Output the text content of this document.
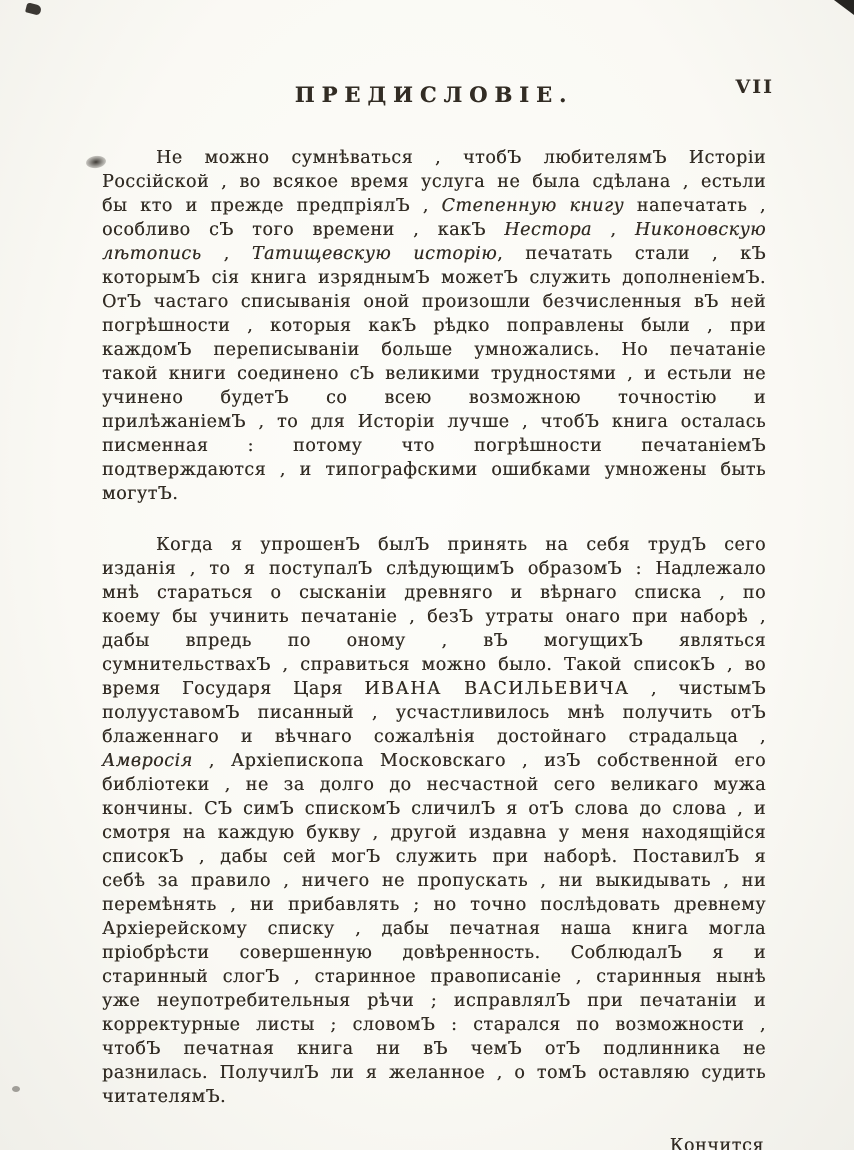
ПРЕДИСЛОВІЕ.	VII

Не можно сумнѣваться , чтобЪ любителямЪ Исторіи Россійской , во всякое время услуга не была сдѣлана , естьли бы кто и прежде предпріялЪ , Степенную книгу напечатать , особливо сЪ того времени , какЪ Нестора , Никоновскую лѣтопись , Татищевскую исторію, печатать стали , кЪ которымЪ сія книга изряднымЪ можетЪ служить дополненіемЪ. ОтЪ частаго списыванія оной произошли безчисленныя вЪ ней погрѣшности , которыя какЪ рѣдко поправлены были , при каждомЪ переписываніи больше умножались. Но печатаніе такой книги соединено сЪ великими трудностями , и естьли не учинено будетЪ со всею возможною точностію и прилѣжаніемЪ , то для Исторіи лучше , чтобЪ книга осталась писменная : потому что погрѣшности печатаніемЪ подтверждаются , и типографскими ошибками умножены быть могутЪ.

Когда я упрошенЪ былЪ принять на себя трудЪ сего изданія , то я поступалЪ слѣдующимЪ образомЪ : Надлежало мнѣ стараться о сысканіи древняго и вѣрнаго списка , по коему бы учинить печатаніе , безЪ утраты онаго при наборѣ , дабы впредь по оному , вЪ могущихЪ являться сумнительствахЪ , справиться можно было. Такой списокЪ , во время Государя Царя ИВАНА ВАСИЛЬЕВИЧА , чистымЪ полууставомЪ писанный , усчастливилось мнѣ получить отЪ блаженнаго и вѣчнаго сожалѣнія достойнаго страдальца , Амвросія , Архіепископа Московскаго , изЪ собственной его библіотеки , не за долго до несчастной сего великаго мужа кончины. СЪ симЪ спискомЪ сличилЪ я отЪ слова до слова , и смотря на каждую букву , другой издавна у меня находящійся списокЪ , дабы сей могЪ служить при наборѣ. ПоставилЪ я себѣ за правило , ничего не пропускать , ни выкидывать , ни перемѣнять , ни прибавлять ; но точно послѣдовать древнему Архіерейскому списку , дабы печатная наша книга могла пріобрѣсти совершенную довѣренность. СоблюдалЪ я и старинный слогЪ , старинное правописаніе , старинныя нынѣ уже неупотребительныя рѣчи ; исправлялЪ при печатаніи и корректурные листы ; словомЪ : старался по возможности , чтобЪ печатная книга ни вЪ чемЪ отЪ подлинника не разнилась. ПолучилЪ ли я желанное , о томЪ оставляю судить читателямЪ.

Кончится
